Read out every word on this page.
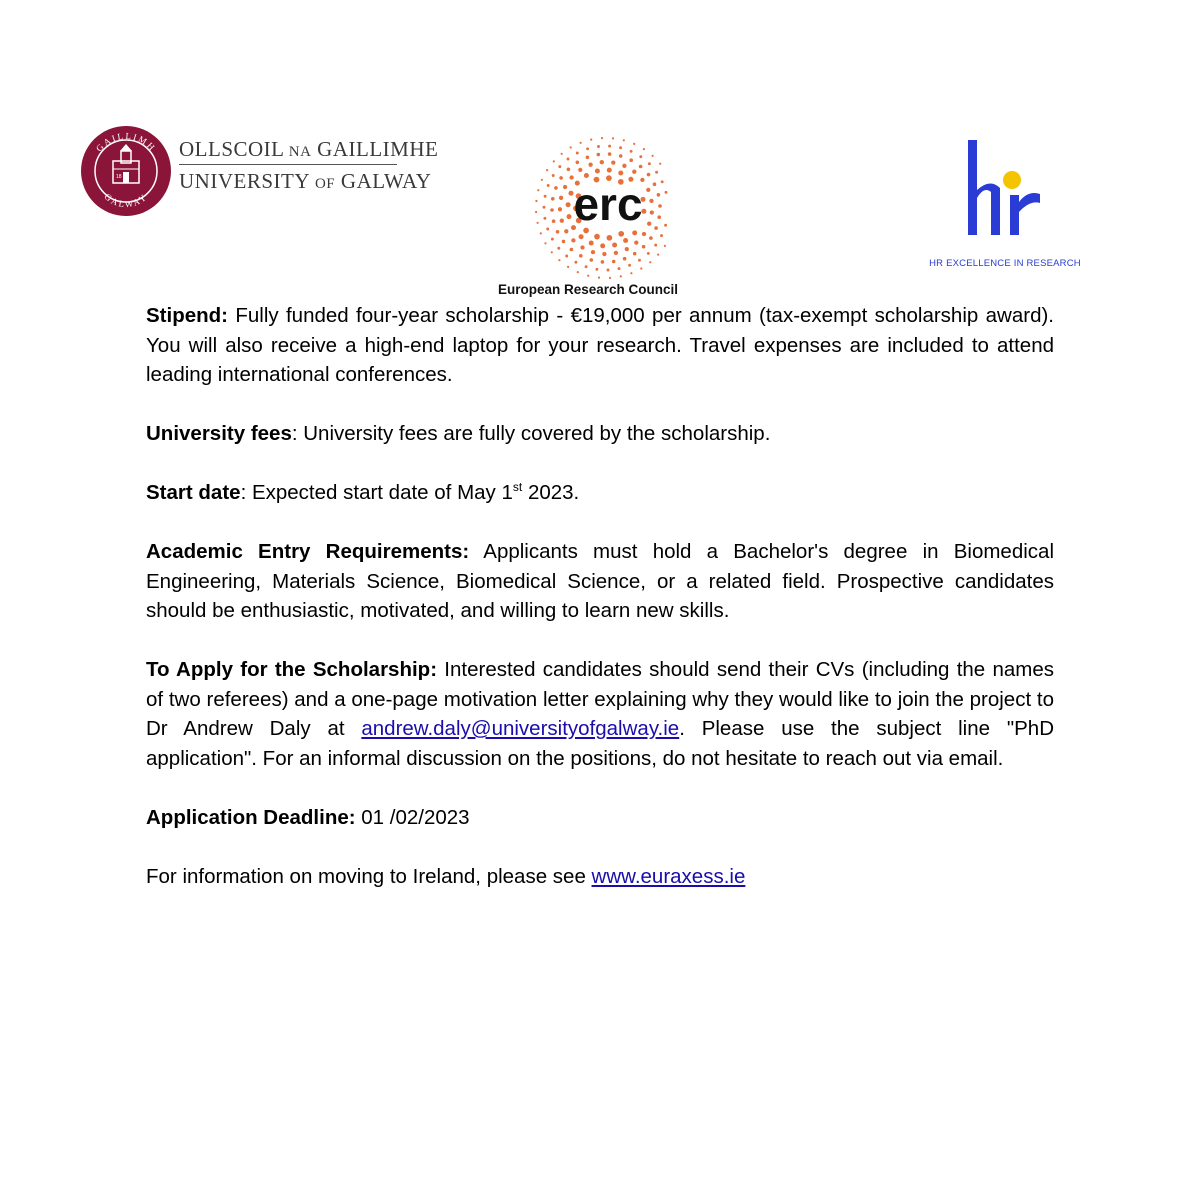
GAILLIMH
GALWAY
18 45
OLLSCOIL NA GAILLIMHE
UNIVERSITY OF GALWAY	erc
European Research Council
HR EXCELLENCE IN RESEARCH

Stipend: Fully funded four-year scholarship - €19,000 per annum (tax-exempt scholarship award). You will also receive a high-end laptop for your research. Travel expenses are included to attend leading international conferences.

University fees: University fees are fully covered by the scholarship.

Start date: Expected start date of May 1st 2023.

Academic Entry Requirements: Applicants must hold a Bachelor's degree in Biomedical Engineering, Materials Science, Biomedical Science, or a related field. Prospective candidates should be enthusiastic, motivated, and willing to learn new skills.

To Apply for the Scholarship: Interested candidates should send their CVs (including the names of two referees) and a one-page motivation letter explaining why they would like to join the project to Dr Andrew Daly at andrew.daly@universityofgalway.ie. Please use the subject line "PhD application". For an informal discussion on the positions, do not hesitate to reach out via email.

Application Deadline: 01 /02/2023

For information on moving to Ireland, please see www.euraxess.ie
